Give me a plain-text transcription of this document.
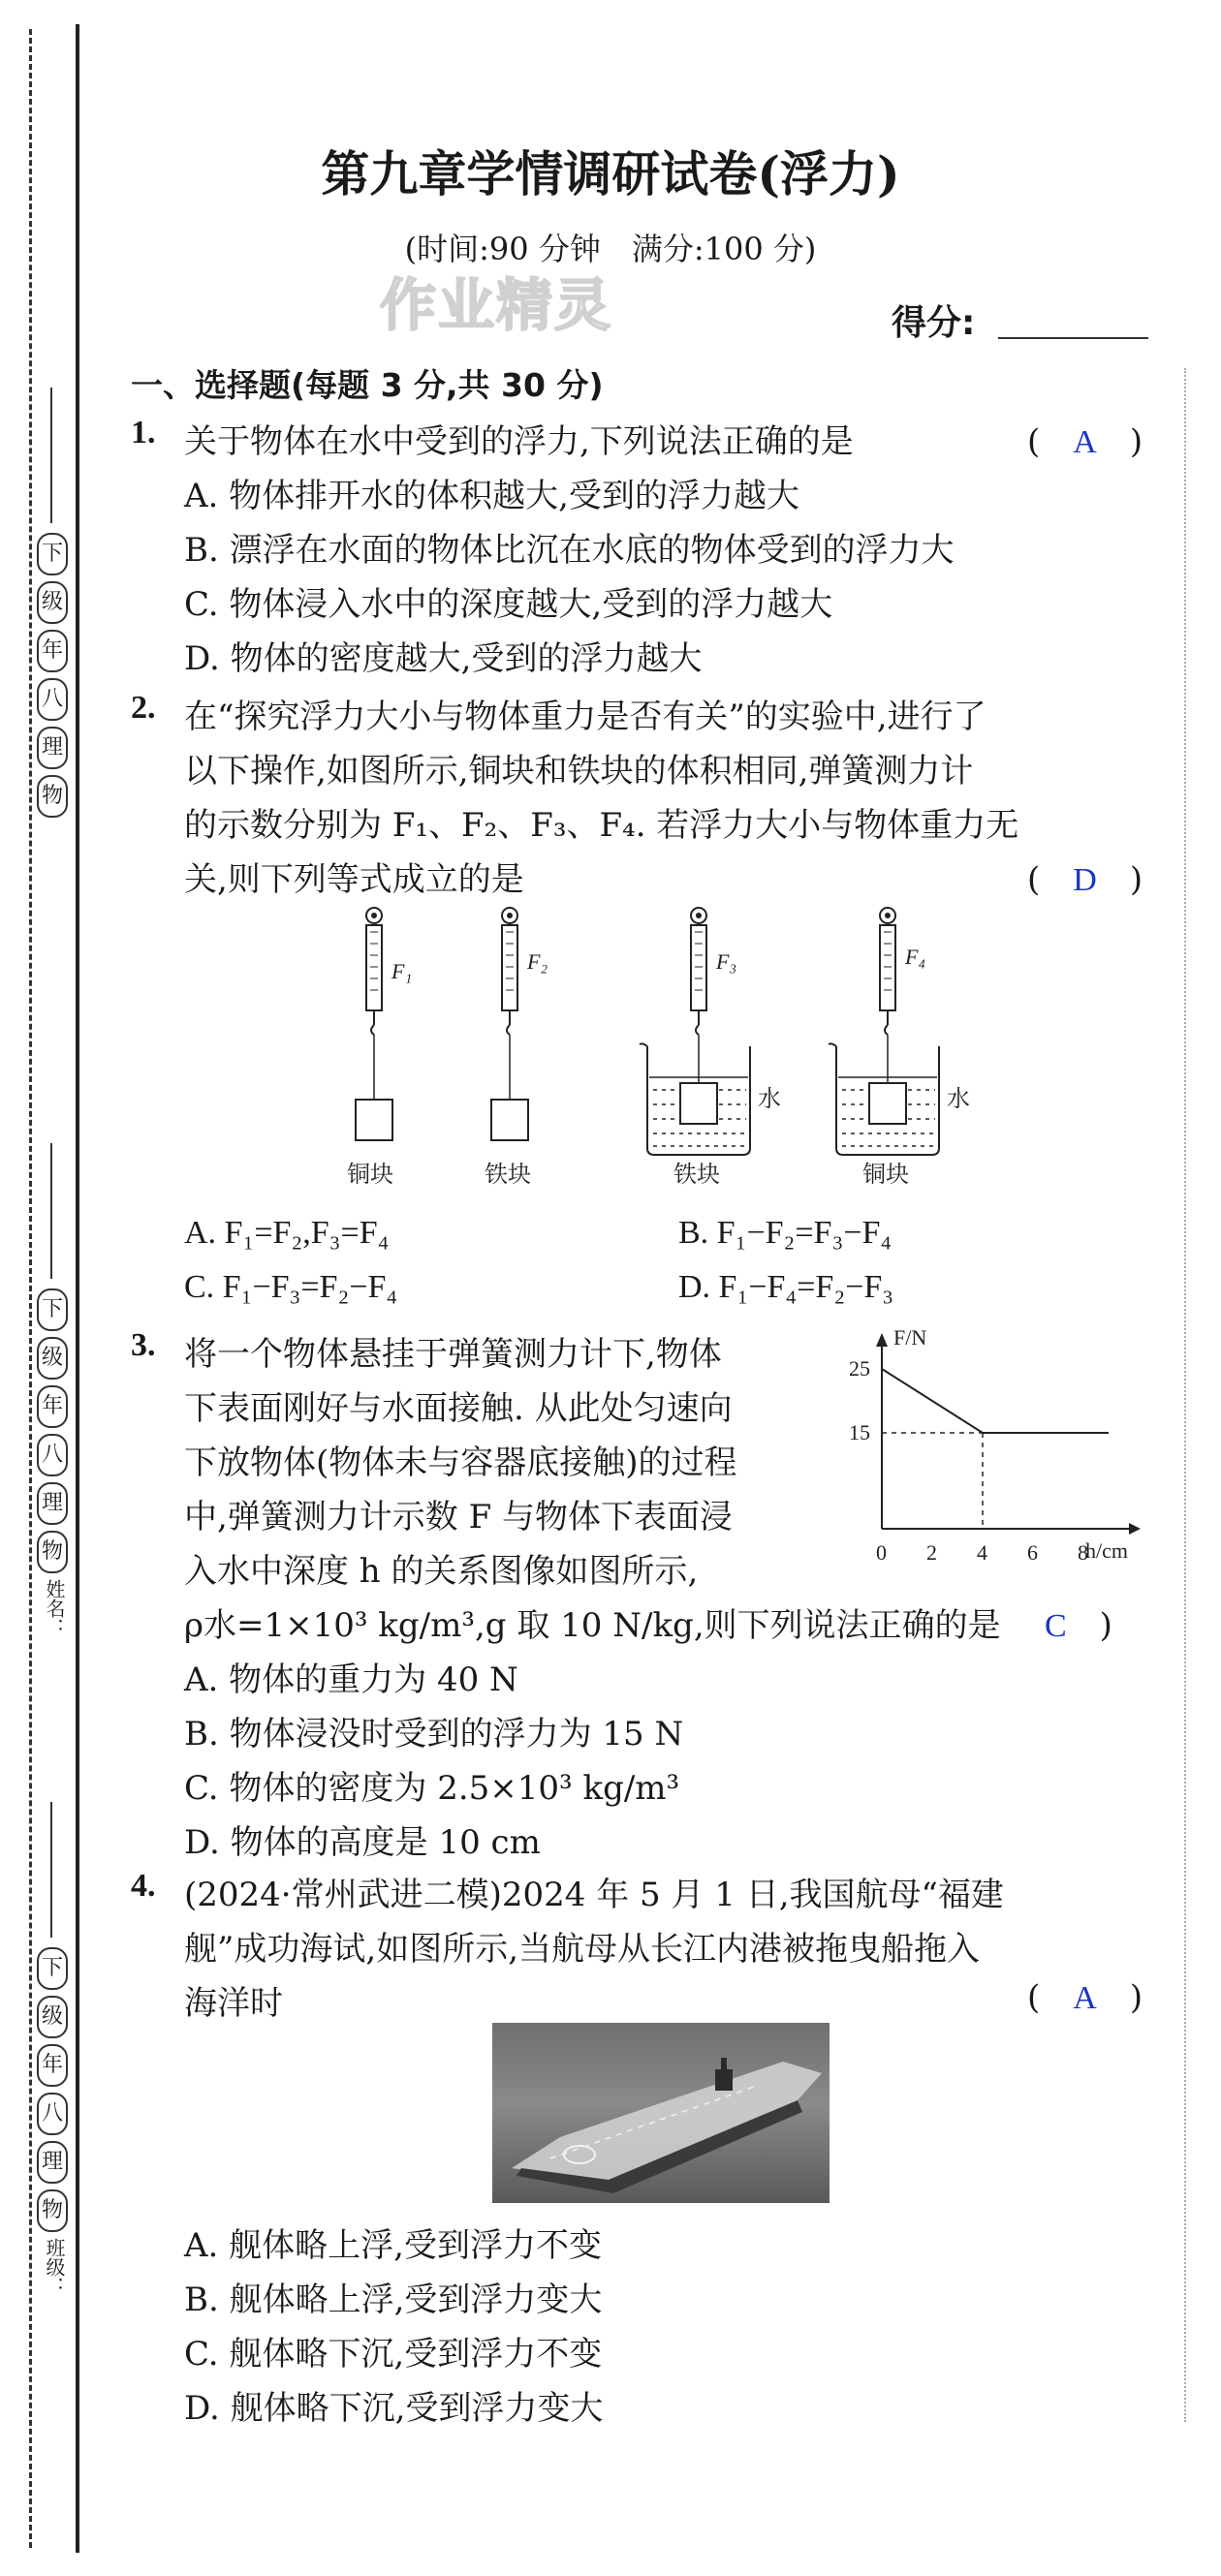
下
级
年
八
理
物
下
级
年
八
理
物
姓名：
下
级
年
八
理
物
班级：
第九章学情调研试卷(浮力)
(时间:90 分钟　满分:100 分)
作业精灵	得分:
一、选择题(每题 3 分,共 30 分)
1. 关于物体在水中受到的浮力,下列说法正确的是	(　A　)
A. 物体排开水的体积越大,受到的浮力越大
B. 漂浮在水面的物体比沉在水底的物体受到的浮力大
C. 物体浸入水中的深度越大,受到的浮力越大
D. 物体的密度越大,受到的浮力越大
2. 在“探究浮力大小与物体重力是否有关”的实验中,进行了
以下操作,如图所示,铜块和铁块的体积相同,弹簧测力计
的示数分别为 F₁、F₂、F₃、F₄. 若浮力大小与物体重力无
关,则下列等式成立的是	(　D　)
F₁
铜块
F₂
铁块
F₃
水
铁块
F₄
水
铜块
A. F₁=F₂,F₃=F₄	B. F₁−F₂=F₃−F₄
C. F₁−F₃=F₂−F₄	D. F₁−F₄=F₂−F₃
3. 将一个物体悬挂于弹簧测力计下,物体
下表面刚好与水面接触. 从此处匀速向
下放物体(物体未与容器底接触)的过程
中,弹簧测力计示数 F 与物体下表面浸
入水中深度 h 的关系图像如图所示,
ρ水=1×10³ kg/m³,g 取 10 N/kg,则下列说法正确的是	C　)
F/N
h/cm
25
15
0 2 4 6 8
A. 物体的重力为 40 N
B. 物体浸没时受到的浮力为 15 N
C. 物体的密度为 2.5×10³ kg/m³
D. 物体的高度是 10 cm
4. (2024·常州武进二模)2024 年 5 月 1 日,我国航母“福建
舰”成功海试,如图所示,当航母从长江内港被拖曳船拖入
海洋时	(　A　)
A. 舰体略上浮,受到浮力不变
B. 舰体略上浮,受到浮力变大
C. 舰体略下沉,受到浮力不变
D. 舰体略下沉,受到浮力变大
